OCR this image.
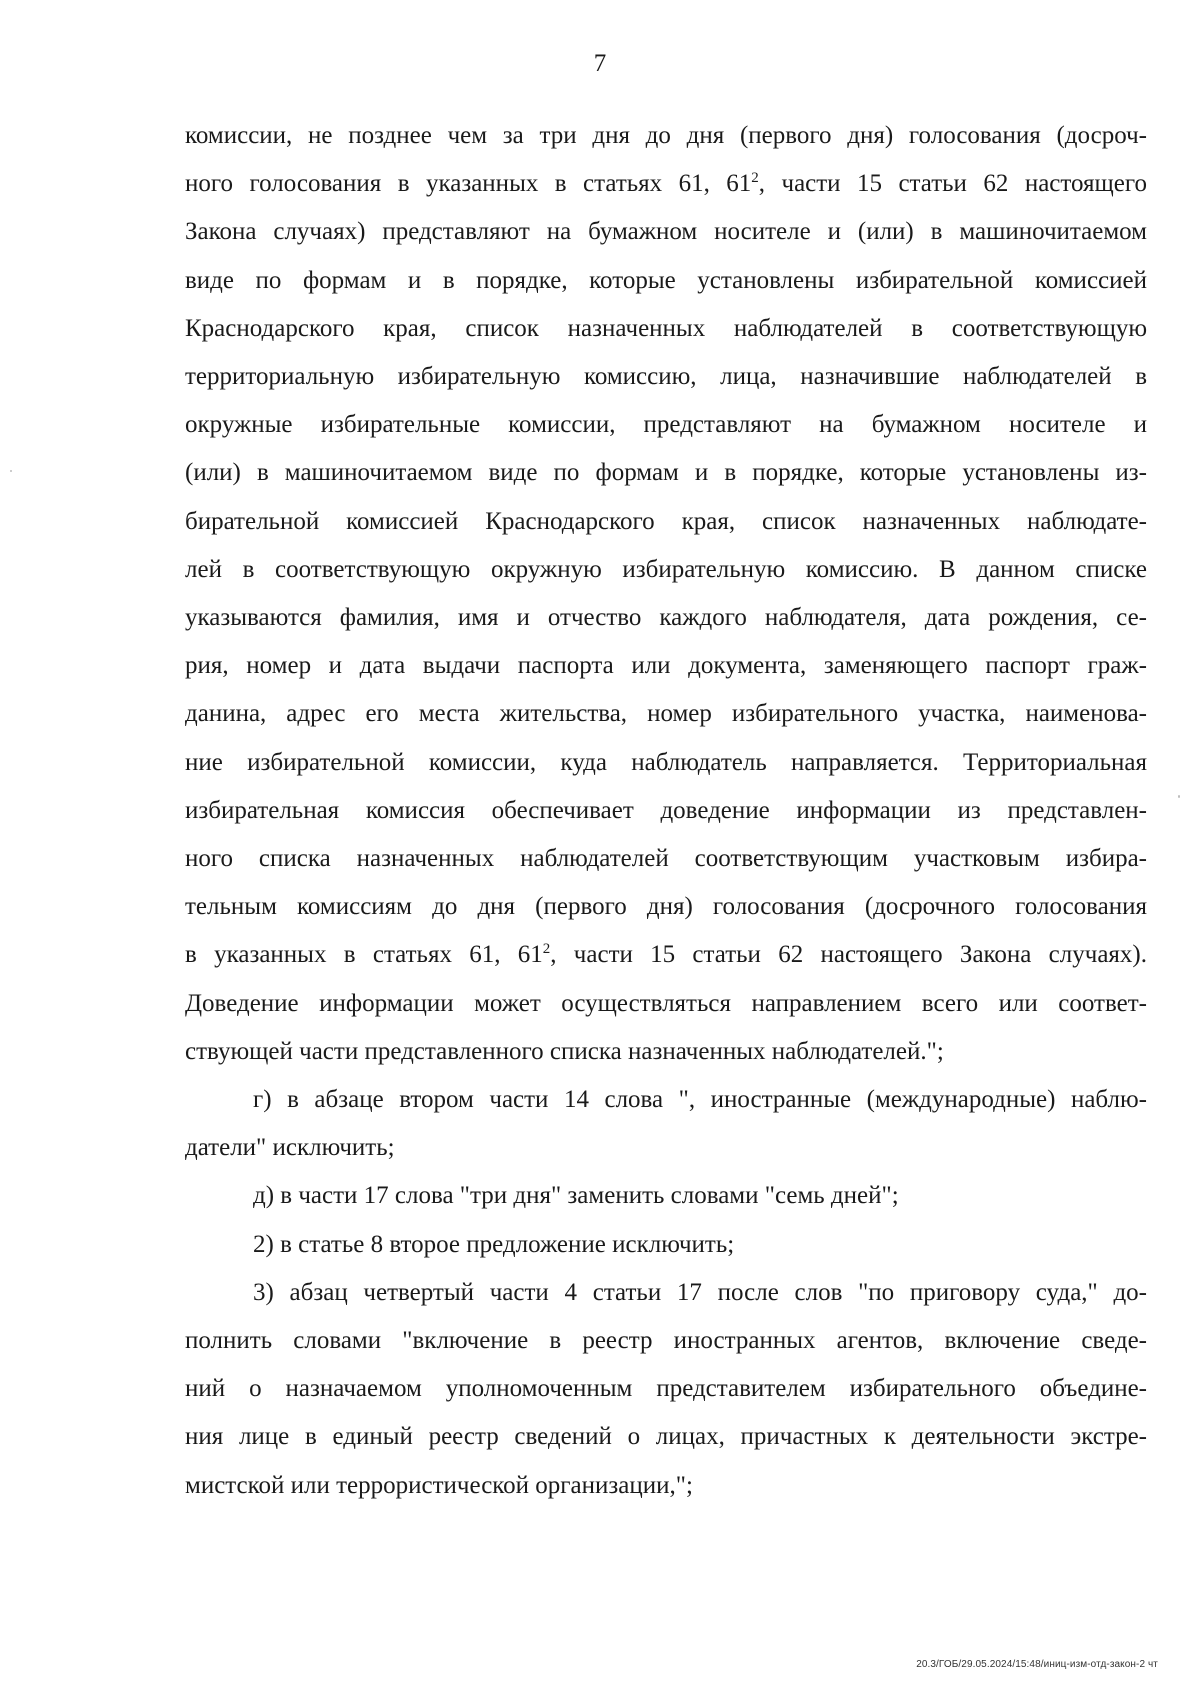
7

комиссии, не позднее чем за три дня до дня (первого дня) голосования (досроч-
ного голосования в указанных в статьях 61, $61^2$, части 15 статьи 62 настоящего
Закона случаях) представляют на бумажном носителе и (или) в машиночитаемом
виде по формам и в порядке, которые установлены избирательной комиссией
Краснодарского края, список назначенных наблюдателей в соответствующую
территориальную избирательную комиссию, лица, назначившие наблюдателей в
окружные избирательные комиссии, представляют на бумажном носителе и
(или) в машиночитаемом виде по формам и в порядке, которые установлены из-
бирательной комиссией Краснодарского края, список назначенных наблюдате-
лей в соответствующую окружную избирательную комиссию. В данном списке
указываются фамилия, имя и отчество каждого наблюдателя, дата рождения, се-
рия, номер и дата выдачи паспорта или документа, заменяющего паспорт граж-
данина, адрес его места жительства, номер избирательного участка, наименова-
ние избирательной комиссии, куда наблюдатель направляется. Территориальная
избирательная комиссия обеспечивает доведение информации из представлен-
ного списка назначенных наблюдателей соответствующим участковым избира-
тельным комиссиям до дня (первого дня) голосования (досрочного голосования
в указанных в статьях 61, $61^2$, части 15 статьи 62 настоящего Закона случаях).
Доведение информации может осуществляться направлением всего или соответ-
ствующей части представленного списка назначенных наблюдателей.";

г) в абзаце втором части 14 слова ", иностранные (международные) наблю-
датели" исключить;

д) в части 17 слова "три дня" заменить словами "семь дней";

2) в статье 8 второе предложение исключить;

3) абзац четвертый части 4 статьи 17 после слов "по приговору суда," до-
полнить словами "включение в реестр иностранных агентов, включение сведе-
ний о назначаемом уполномоченным представителем избирательного объедине-
ния лице в единый реестр сведений о лицах, причастных к деятельности экстре-
мистской или террористической организации,";

20.3/ГОБ/29.05.2024/15:48/иниц-изм-отд-закон-2 чт
